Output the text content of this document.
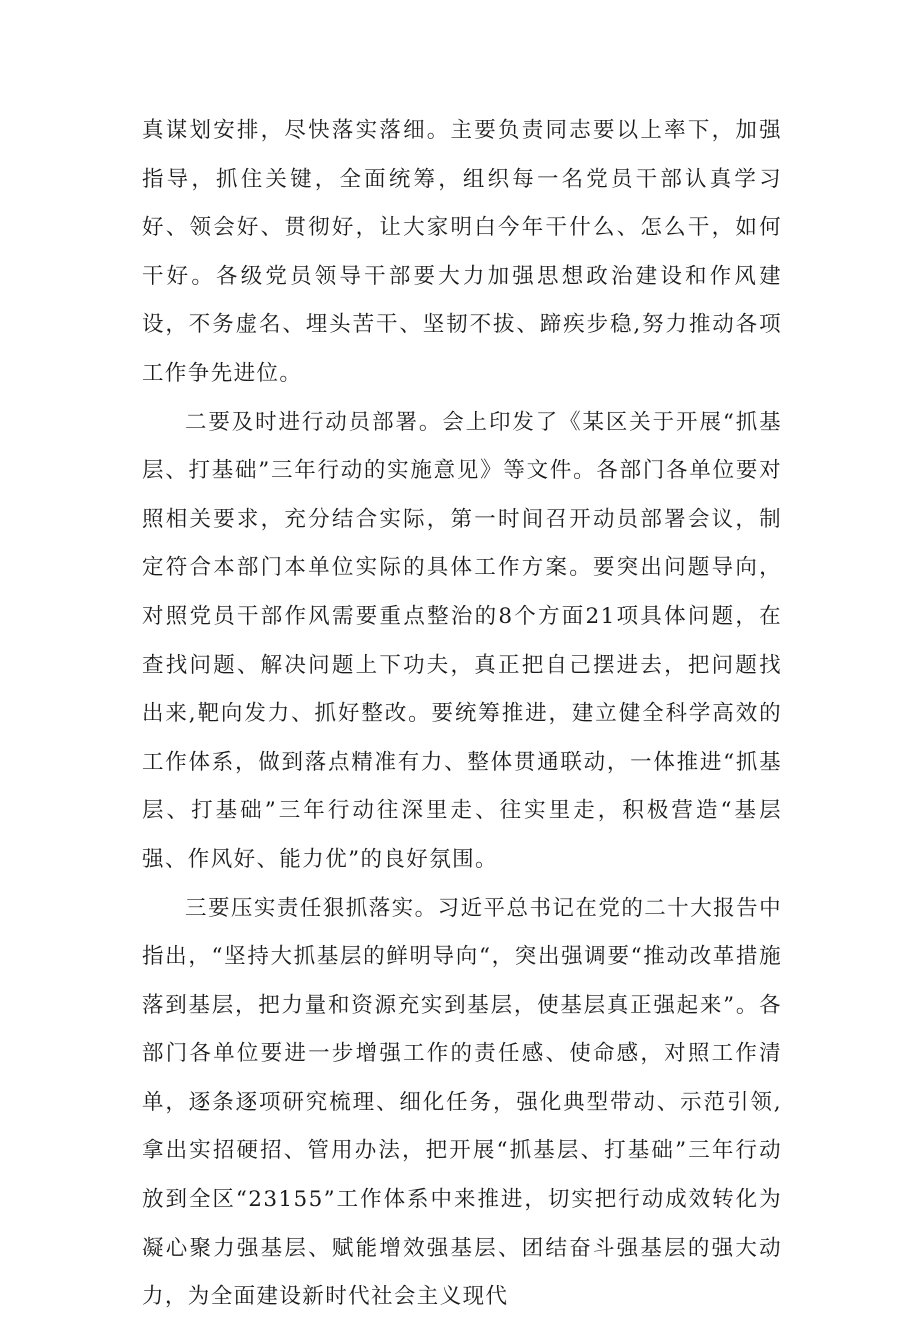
真谋划安排，尽快落实落细。主要负责同志要以上率下，加强指导，抓住关键，全面统筹，组织每一名党员干部认真学习好、领会好、贯彻好，让大家明白今年干什么、怎么干，如何干好。各级党员领导干部要大力加强思想政治建设和作风建设，不务虚名、埋头苦干、坚韧不拔、蹄疾步稳,努力推动各项工作争先进位。

二要及时进行动员部署。会上印发了《某区关于开展“抓基层、打基础”三年行动的实施意见》等文件。各部门各单位要对照相关要求，充分结合实际，第一时间召开动员部署会议，制定符合本部门本单位实际的具体工作方案。要突出问题导向，对照党员干部作风需要重点整治的8个方面21项具体问题，在查找问题、解决问题上下功夫，真正把自己摆进去，把问题找出来,靶向发力、抓好整改。要统筹推进，建立健全科学高效的工作体系，做到落点精准有力、整体贯通联动，一体推进“抓基层、打基础”三年行动往深里走、往实里走，积极营造“基层强、作风好、能力优”的良好氛围。

三要压实责任狠抓落实。习近平总书记在党的二十大报告中指出，“坚持大抓基层的鲜明导向“，突出强调要“推动改革措施落到基层，把力量和资源充实到基层，使基层真正强起来”。各部门各单位要进一步增强工作的责任感、使命感，对照工作清单，逐条逐项研究梳理、细化任务，强化典型带动、示范引领,拿出实招硬招、管用办法，把开展“抓基层、打基础”三年行动放到全区“23155”工作体系中来推进，切实把行动成效转化为凝心聚力强基层、赋能增效强基层、团结奋斗强基层的强大动力，为全面建设新时代社会主义现代
